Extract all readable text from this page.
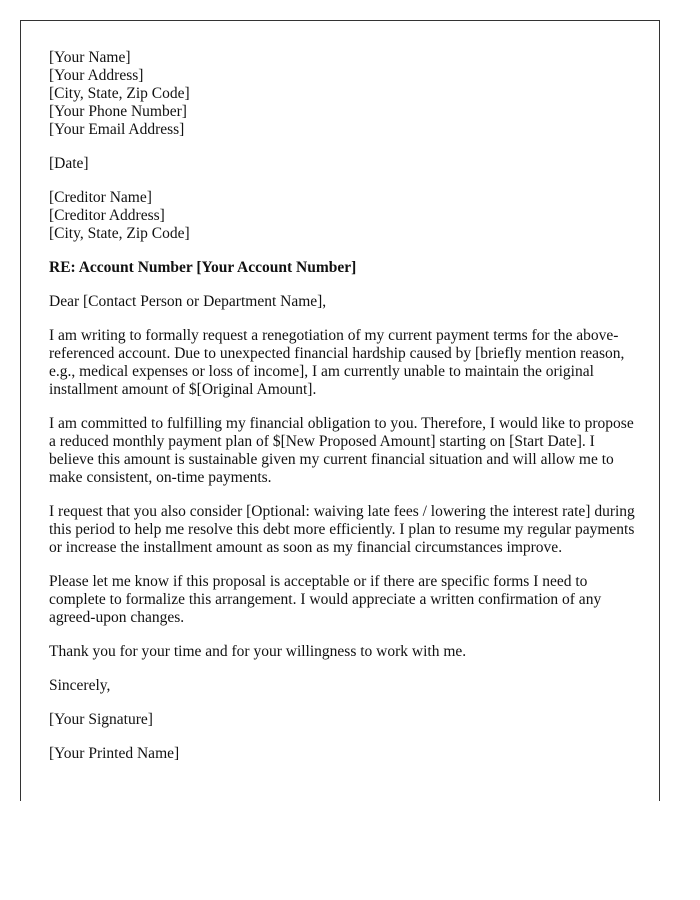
[Your Name]
[Your Address]
[City, State, Zip Code]
[Your Phone Number]
[Your Email Address]
[Date]
[Creditor Name]
[Creditor Address]
[City, State, Zip Code]

RE: Account Number [Your Account Number]

Dear [Contact Person or Department Name],

I am writing to formally request a renegotiation of my current payment terms for the above-referenced account. Due to unexpected financial hardship caused by [briefly mention reason, e.g., medical expenses or loss of income], I am currently unable to maintain the original installment amount of $[Original Amount].

I am committed to fulfilling my financial obligation to you. Therefore, I would like to propose a reduced monthly payment plan of $[New Proposed Amount] starting on [Start Date]. I believe this amount is sustainable given my current financial situation and will allow me to make consistent, on-time payments.

I request that you also consider [Optional: waiving late fees / lowering the interest rate] during this period to help me resolve this debt more efficiently. I plan to resume my regular payments or increase the installment amount as soon as my financial circumstances improve.

Please let me know if this proposal is acceptable or if there are specific forms I need to complete to formalize this arrangement. I would appreciate a written confirmation of any agreed-upon changes.

Thank you for your time and for your willingness to work with me.

Sincerely,

[Your Signature]

[Your Printed Name]
